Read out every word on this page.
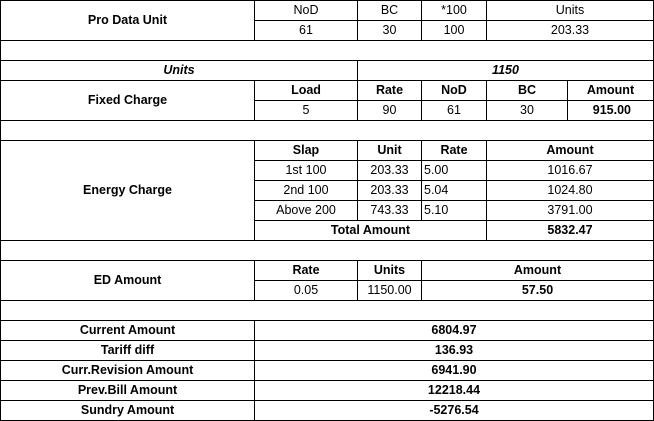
Pro Data Unit
NoD	BC	*100	Units
61	30	100	203.33
Units	1150
Fixed Charge
Load	Rate	NoD	BC	Amount
5	90	61	30	915.00
Energy Charge
Slap	Unit	Rate	Amount
1st 100	203.33	5.00	1016.67
2nd 100	203.33	5.04	1024.80
Above 200	743.33	5.10	3791.00
Total Amount	5832.47
ED Amount
Rate	Units	Amount
0.05	1150.00	57.50
Current Amount	6804.97
Tariff diff	136.93
Curr.Revision Amount	6941.90
Prev.Bill Amount	12218.44
Sundry Amount	-5276.54
